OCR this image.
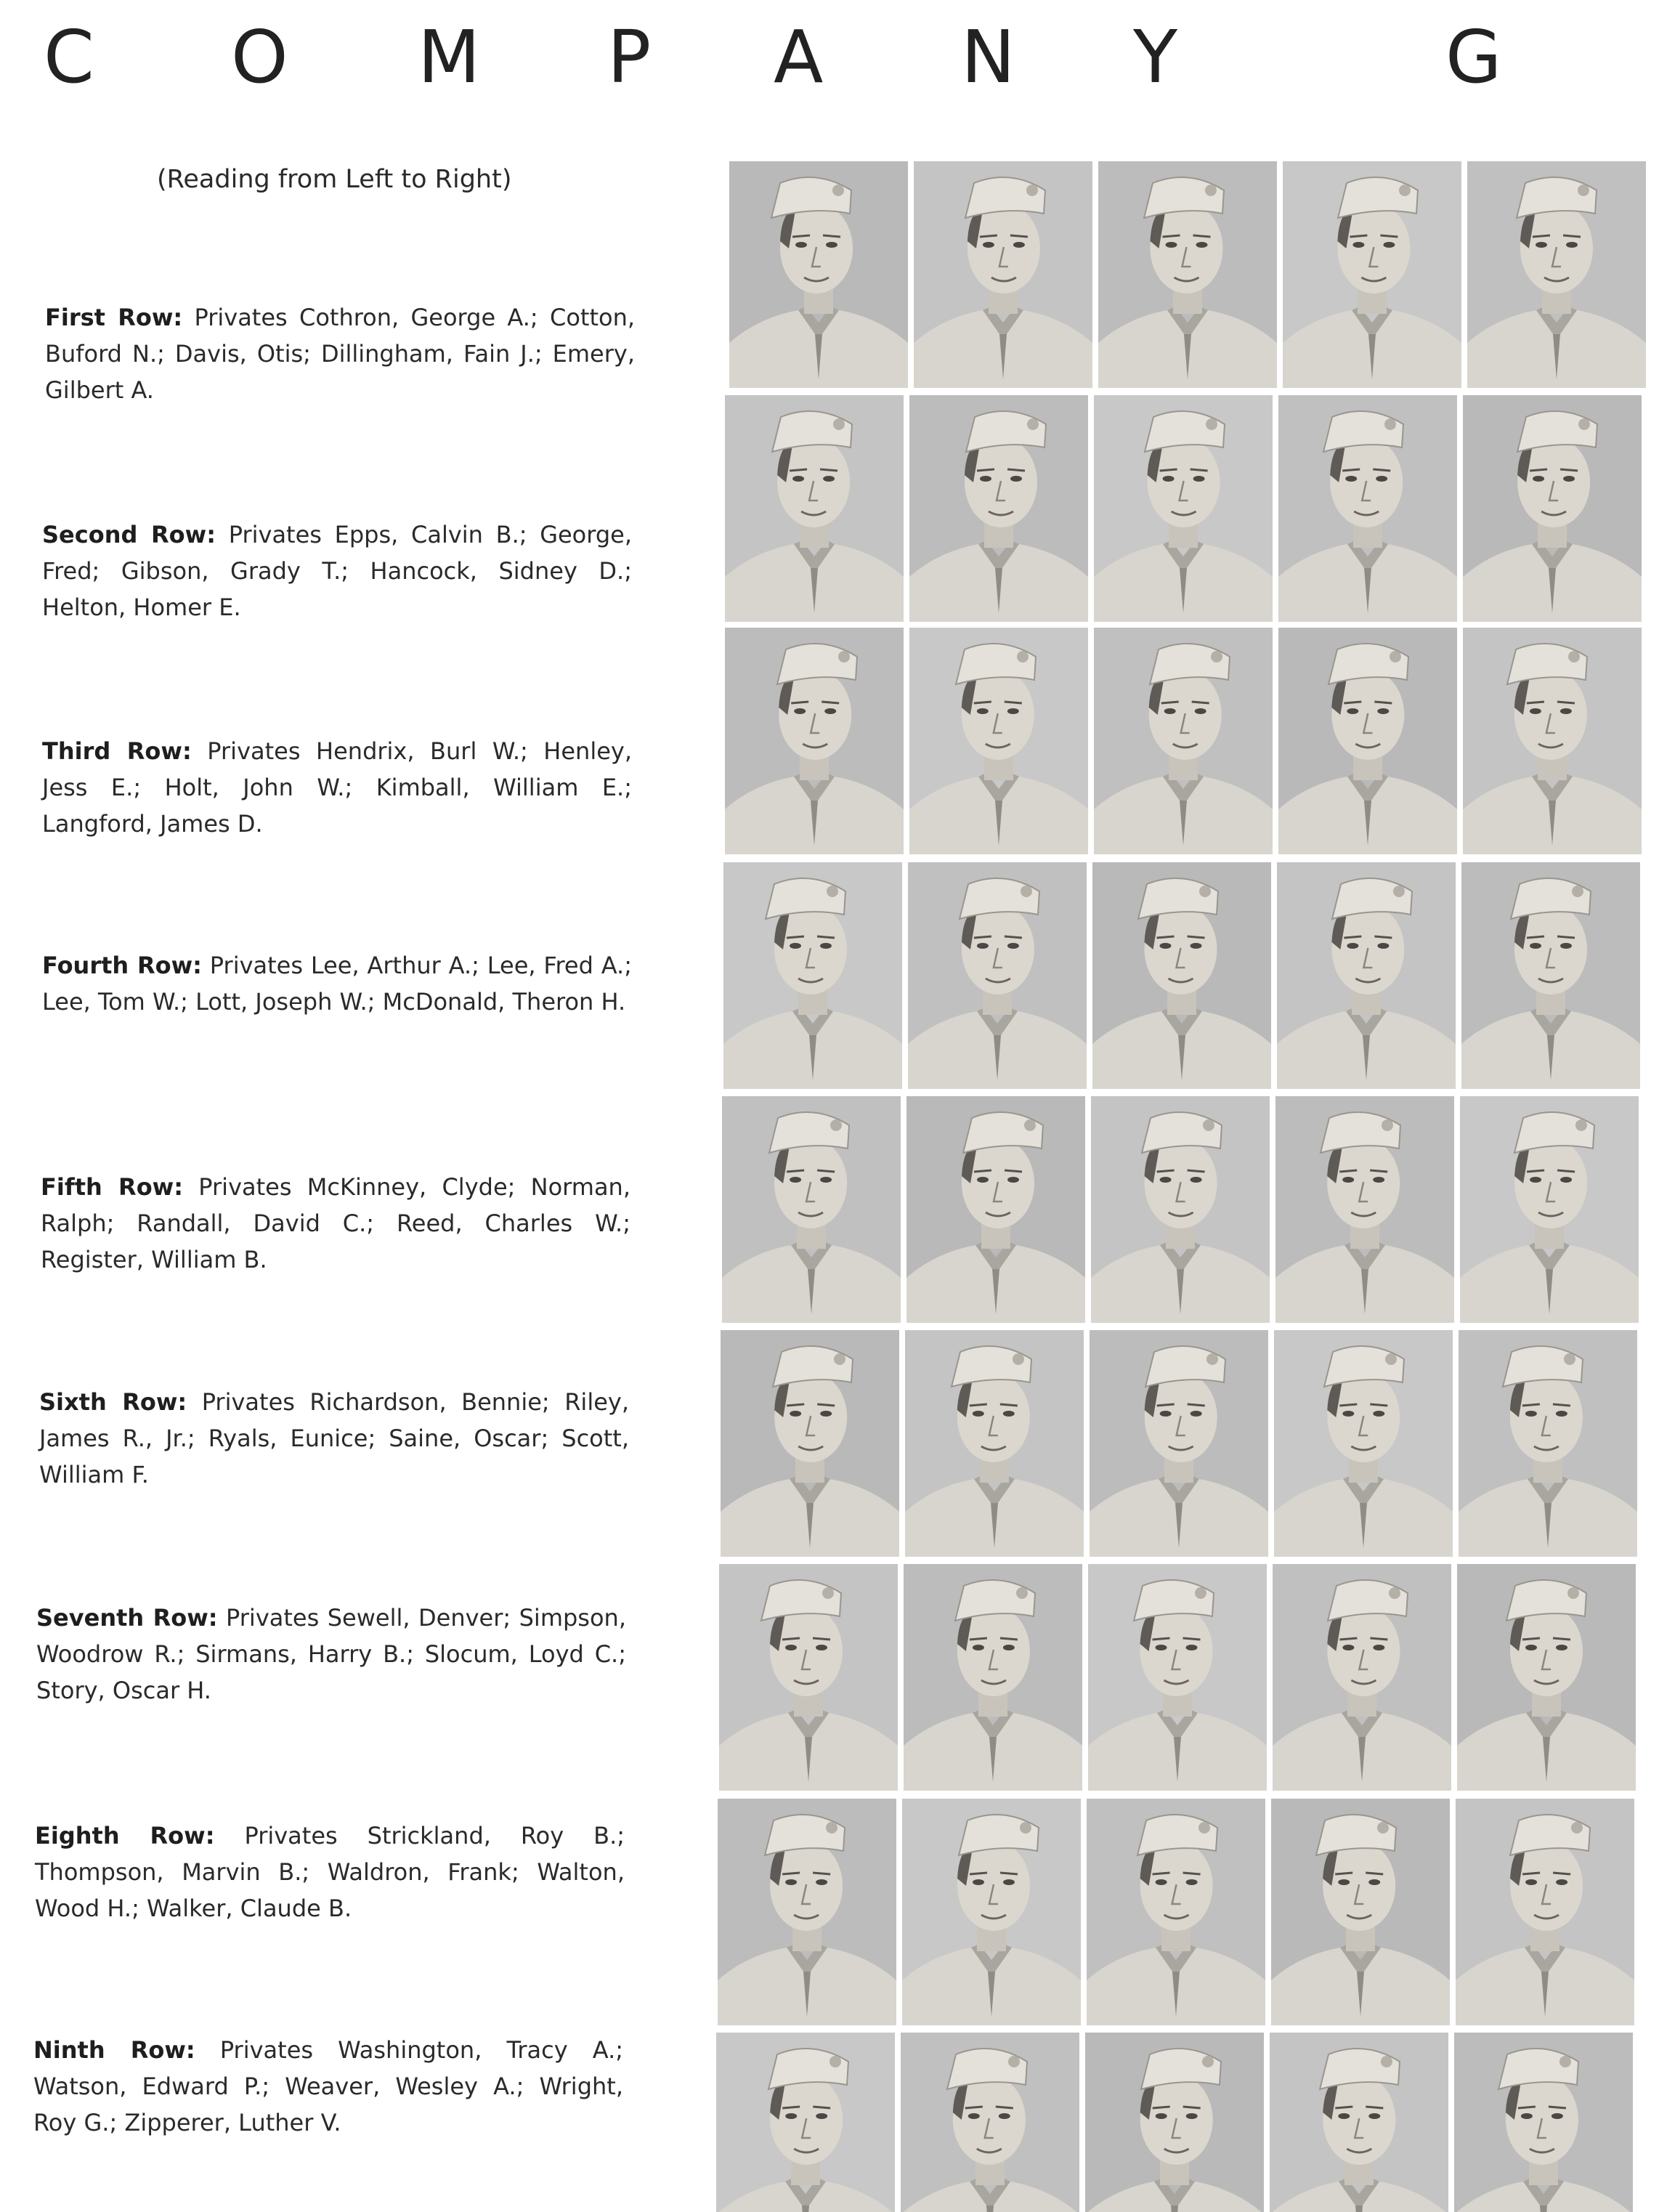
C O M P A N Y	G
(Reading from Left to Right)
First Row: Privates Cothron, George A.; Cotton, Buford N.; Davis, Otis; Dillingham, Fain J.; Emery, Gilbert A.
Second Row: Privates Epps, Calvin B.; George, Fred; Gibson, Grady T.; Hancock, Sidney D.; Helton, Homer E.
Third Row: Privates Hendrix, Burl W.; Henley, Jess E.; Holt, John W.; Kimball, William E.; Langford, James D.
Fourth Row: Privates Lee, Arthur A.; Lee, Fred A.; Lee, Tom W.; Lott, Joseph W.; McDonald, Theron H.
Fifth Row: Privates McKinney, Clyde; Norman, Ralph; Randall, David C.; Reed, Charles W.; Register, William B.
Sixth Row: Privates Richardson, Bennie; Riley, James R., Jr.; Ryals, Eunice; Saine, Oscar; Scott, William F.
Seventh Row: Privates Sewell, Denver; Simpson, Woodrow R.; Sirmans, Harry B.; Slocum, Loyd C.; Story, Oscar H.
Eighth Row: Privates Strickland, Roy B.; Thompson, Marvin B.; Waldron, Frank; Walton, Wood H.; Walker, Claude B.
Ninth Row: Privates Washington, Tracy A.; Watson, Edward P.; Weaver, Wesley A.; Wright, Roy G.; Zipperer, Luther V.
